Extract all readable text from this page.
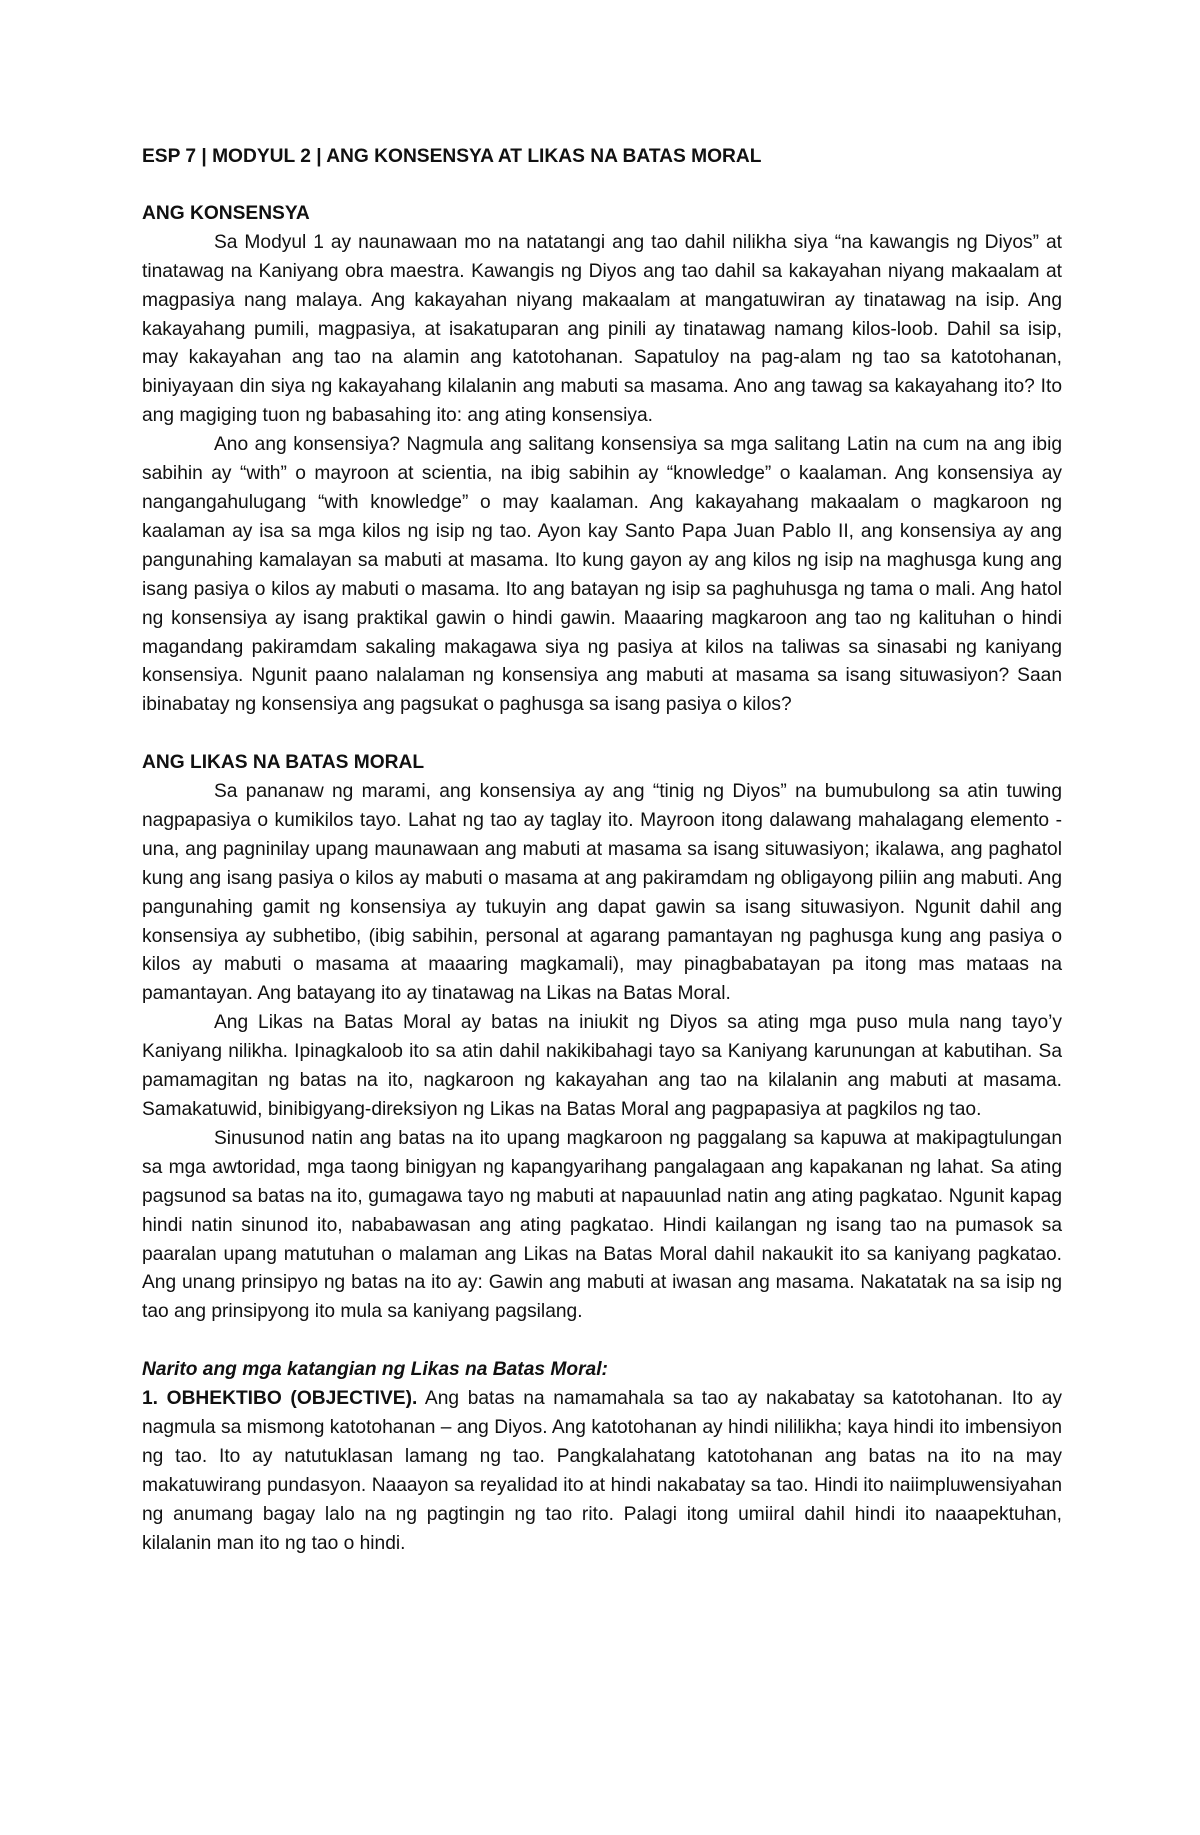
ESP 7 | MODYUL 2 | ANG KONSENSYA AT LIKAS NA BATAS MORAL
ANG KONSENSYA

Sa Modyul 1 ay naunawaan mo na natatangi ang tao dahil nilikha siya “na kawangis ng Diyos” at tinatawag na Kaniyang obra maestra. Kawangis ng Diyos ang tao dahil sa kakayahan niyang makaalam at magpasiya nang malaya. Ang kakayahan niyang makaalam at mangatuwiran ay tinatawag na isip. Ang kakayahang pumili, magpasiya, at isakatuparan ang pinili ay tinatawag namang kilos-loob. Dahil sa isip, may kakayahan ang tao na alamin ang katotohanan. Sapatuloy na pag-alam ng tao sa katotohanan, biniyayaan din siya ng kakayahang kilalanin ang mabuti sa masama. Ano ang tawag sa kakayahang ito? Ito ang magiging tuon ng babasahing ito: ang ating konsensiya.

Ano ang konsensiya? Nagmula ang salitang konsensiya sa mga salitang Latin na cum na ang ibig sabihin ay “with” o mayroon at scientia, na ibig sabihin ay “knowledge” o kaalaman. Ang konsensiya ay nangangahulugang “with knowledge” o may kaalaman. Ang kakayahang makaalam o magkaroon ng kaalaman ay isa sa mga kilos ng isip ng tao. Ayon kay Santo Papa Juan Pablo II, ang konsensiya ay ang pangunahing kamalayan sa mabuti at masama. Ito kung gayon ay ang kilos ng isip na maghusga kung ang isang pasiya o kilos ay mabuti o masama. Ito ang batayan ng isip sa paghuhusga ng tama o mali. Ang hatol ng konsensiya ay isang praktikal gawin o hindi gawin. Maaaring magkaroon ang tao ng kalituhan o hindi magandang pakiramdam sakaling makagawa siya ng pasiya at kilos na taliwas sa sinasabi ng kaniyang konsensiya. Ngunit paano nalalaman ng konsensiya ang mabuti at masama sa isang situwasiyon? Saan ibinabatay ng konsensiya ang pagsukat o paghusga sa isang pasiya o kilos?

ANG LIKAS NA BATAS MORAL

Sa pananaw ng marami, ang konsensiya ay ang “tinig ng Diyos” na bumubulong sa atin tuwing nagpapasiya o kumikilos tayo. Lahat ng tao ay taglay ito. Mayroon itong dalawang mahalagang elemento - una, ang pagninilay upang maunawaan ang mabuti at masama sa isang situwasiyon; ikalawa, ang paghatol kung ang isang pasiya o kilos ay mabuti o masama at ang pakiramdam ng obligayong piliin ang mabuti. Ang pangunahing gamit ng konsensiya ay tukuyin ang dapat gawin sa isang situwasiyon. Ngunit dahil ang konsensiya ay subhetibo, (ibig sabihin, personal at agarang pamantayan ng paghusga kung ang pasiya o kilos ay mabuti o masama at maaaring magkamali), may pinagbabatayan pa itong mas mataas na pamantayan. Ang batayang ito ay tinatawag na Likas na Batas Moral.

Ang Likas na Batas Moral ay batas na iniukit ng Diyos sa ating mga puso mula nang tayo’y Kaniyang nilikha. Ipinagkaloob ito sa atin dahil nakikibahagi tayo sa Kaniyang karunungan at kabutihan. Sa pamamagitan ng batas na ito, nagkaroon ng kakayahan ang tao na kilalanin ang mabuti at masama. Samakatuwid, binibigyang-direksiyon ng Likas na Batas Moral ang pagpapasiya at pagkilos ng tao.

Sinusunod natin ang batas na ito upang magkaroon ng paggalang sa kapuwa at makipagtulungan sa mga awtoridad, mga taong binigyan ng kapangyarihang pangalagaan ang kapakanan ng lahat. Sa ating pagsunod sa batas na ito, gumagawa tayo ng mabuti at napauunlad natin ang ating pagkatao. Ngunit kapag hindi natin sinunod ito, nababawasan ang ating pagkatao. Hindi kailangan ng isang tao na pumasok sa paaralan upang matutuhan o malaman ang Likas na Batas Moral dahil nakaukit ito sa kaniyang pagkatao. Ang unang prinsipyo ng batas na ito ay: Gawin ang mabuti at iwasan ang masama. Nakatatak na sa isip ng tao ang prinsipyong ito mula sa kaniyang pagsilang.

Narito ang mga katangian ng Likas na Batas Moral:

1. OBHEKTIBO (OBJECTIVE). Ang batas na namamahala sa tao ay nakabatay sa katotohanan. Ito ay nagmula sa mismong katotohanan – ang Diyos. Ang katotohanan ay hindi nililikha; kaya hindi ito imbensiyon ng tao. Ito ay natutuklasan lamang ng tao. Pangkalahatang katotohanan ang batas na ito na may makatuwirang pundasyon. Naaayon sa reyalidad ito at hindi nakabatay sa tao. Hindi ito naiimpluwensiyahan ng anumang bagay lalo na ng pagtingin ng tao rito. Palagi itong umiiral dahil hindi ito naaapektuhan, kilalanin man ito ng tao o hindi.
